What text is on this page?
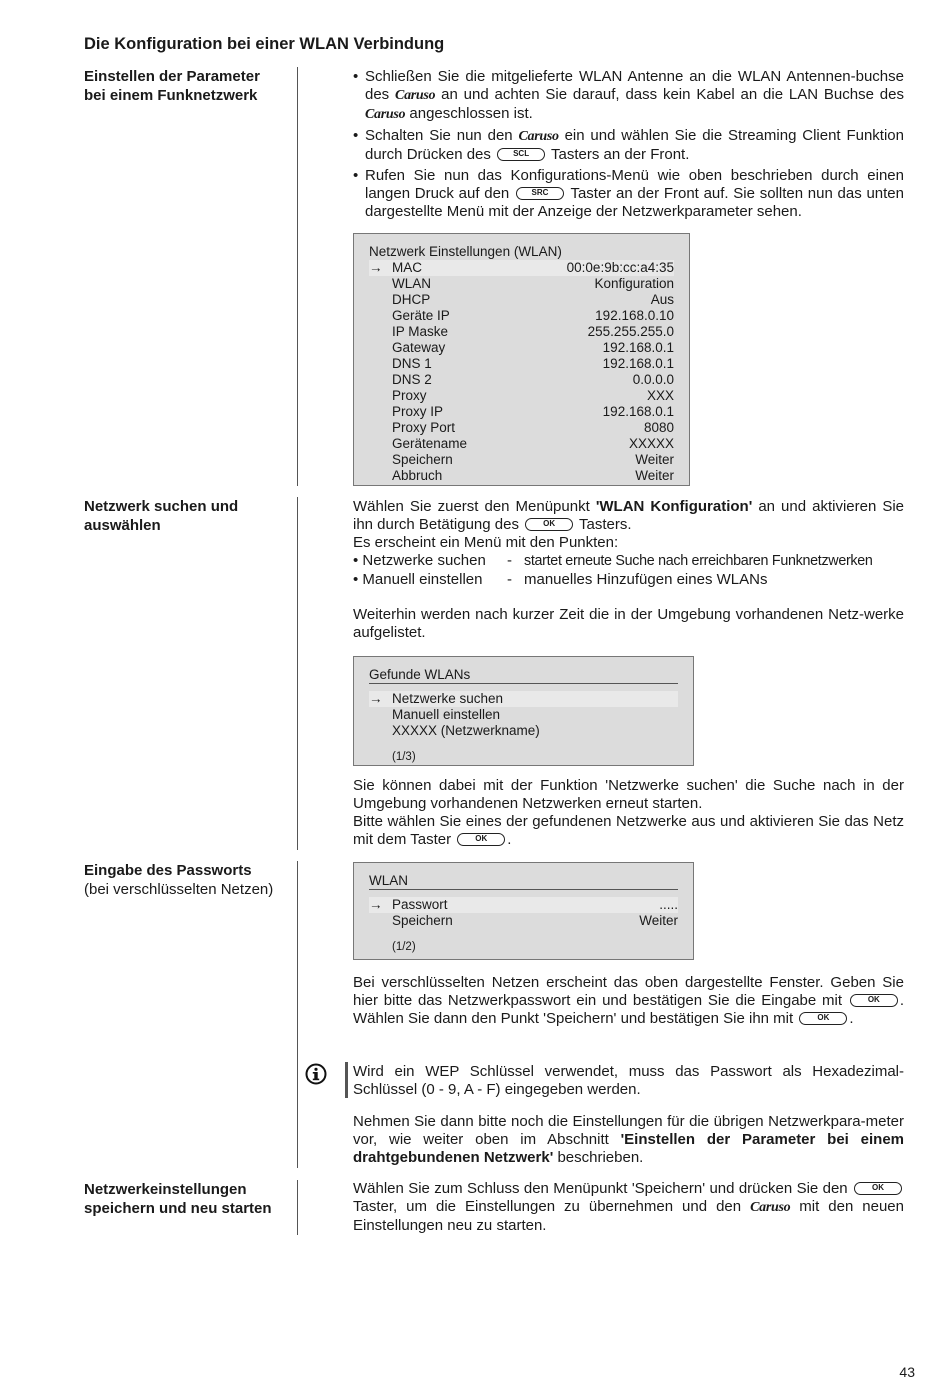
Die Konfiguration bei einer WLAN Verbindung
Einstellen der Parameter
bei einem Funknetzwerk
• Schließen Sie die mitgelieferte WLAN Antenne an die WLAN Antennen-buchse des Caruso an und achten Sie darauf, dass kein Kabel an die LAN Buchse des Caruso angeschlossen ist.
• Schalten Sie nun den Caruso ein und wählen Sie die Streaming Client Funktion durch Drücken des	SCL Tasters an der Front.
• Rufen Sie nun das Konfigurations-Menü wie oben beschrieben durch einen langen Druck auf den	SRC Taster an der Front auf. Sie sollten nun das unten dargestellte Menü mit der Anzeige der Netzwerkparameter sehen.
Netzwerk Einstellungen (WLAN)
→ MAC	00:0e:9b:cc:a4:35
WLAN	Konfiguration
DHCP	Aus
Geräte IP	192.168.0.10
IP Maske	255.255.255.0
Gateway	192.168.0.1
DNS 1	192.168.0.1
DNS 2	0.0.0.0
Proxy	XXX
Proxy IP	192.168.0.1
Proxy Port	8080
Gerätename	XXXXX
Speichern	Weiter
Abbruch	Weiter
Netzwerk suchen und
auswählen
Wählen Sie zuerst den Menüpunkt 'WLAN Konfiguration' an und aktivieren Sie ihn durch Betätigung des	OK Tasters.
Es erscheint ein Menü mit den Punkten:
• Netzwerke suchen - startet erneute Suche nach erreichbaren Funknetzwerken
• Manuell einstellen - manuelles Hinzufügen eines WLANs
Weiterhin werden nach kurzer Zeit die in der Umgebung vorhandenen Netz-werke aufgelistet.
Gefunde WLANs
→ Netzwerke suchen
Manuell einstellen
XXXXX (Netzwerkname)
(1/3)
Sie können dabei mit der Funktion 'Netzwerke suchen' die Suche nach in der Umgebung vorhandenen Netzwerken erneut starten.
Bitte wählen Sie eines der gefundenen Netzwerke aus und aktivieren Sie das Netz mit dem Taster	OK .
Eingabe des Passworts

(bei verschlüsselten Netzen)
WLAN
→ Passwort	.....
Speichern	Weiter
(1/2)
Bei verschlüsselten Netzen erscheint das oben dargestellte Fenster. Geben Sie hier bitte das Netzwerkpasswort ein und bestätigen Sie die Eingabe mit	OK . Wählen Sie dann den Punkt 'Speichern' und bestätigen Sie ihn mit	OK .
Wird ein WEP Schlüssel verwendet, muss das Passwort als Hexadezimal-Schlüssel (0 - 9, A - F) eingegeben werden.
Nehmen Sie dann bitte noch die Einstellungen für die übrigen Netzwerkpara-meter vor, wie weiter oben im Abschnitt 'Einstellen der Parameter bei einem drahtgebundenen Netzwerk' beschrieben.
Netzwerkeinstellungen
speichern und neu starten
Wählen Sie zum Schluss den Menüpunkt 'Speichern' und drücken Sie den	OK Taster, um die Einstellungen zu übernehmen und den Caruso mit den neuen Einstellungen neu zu starten.
43
